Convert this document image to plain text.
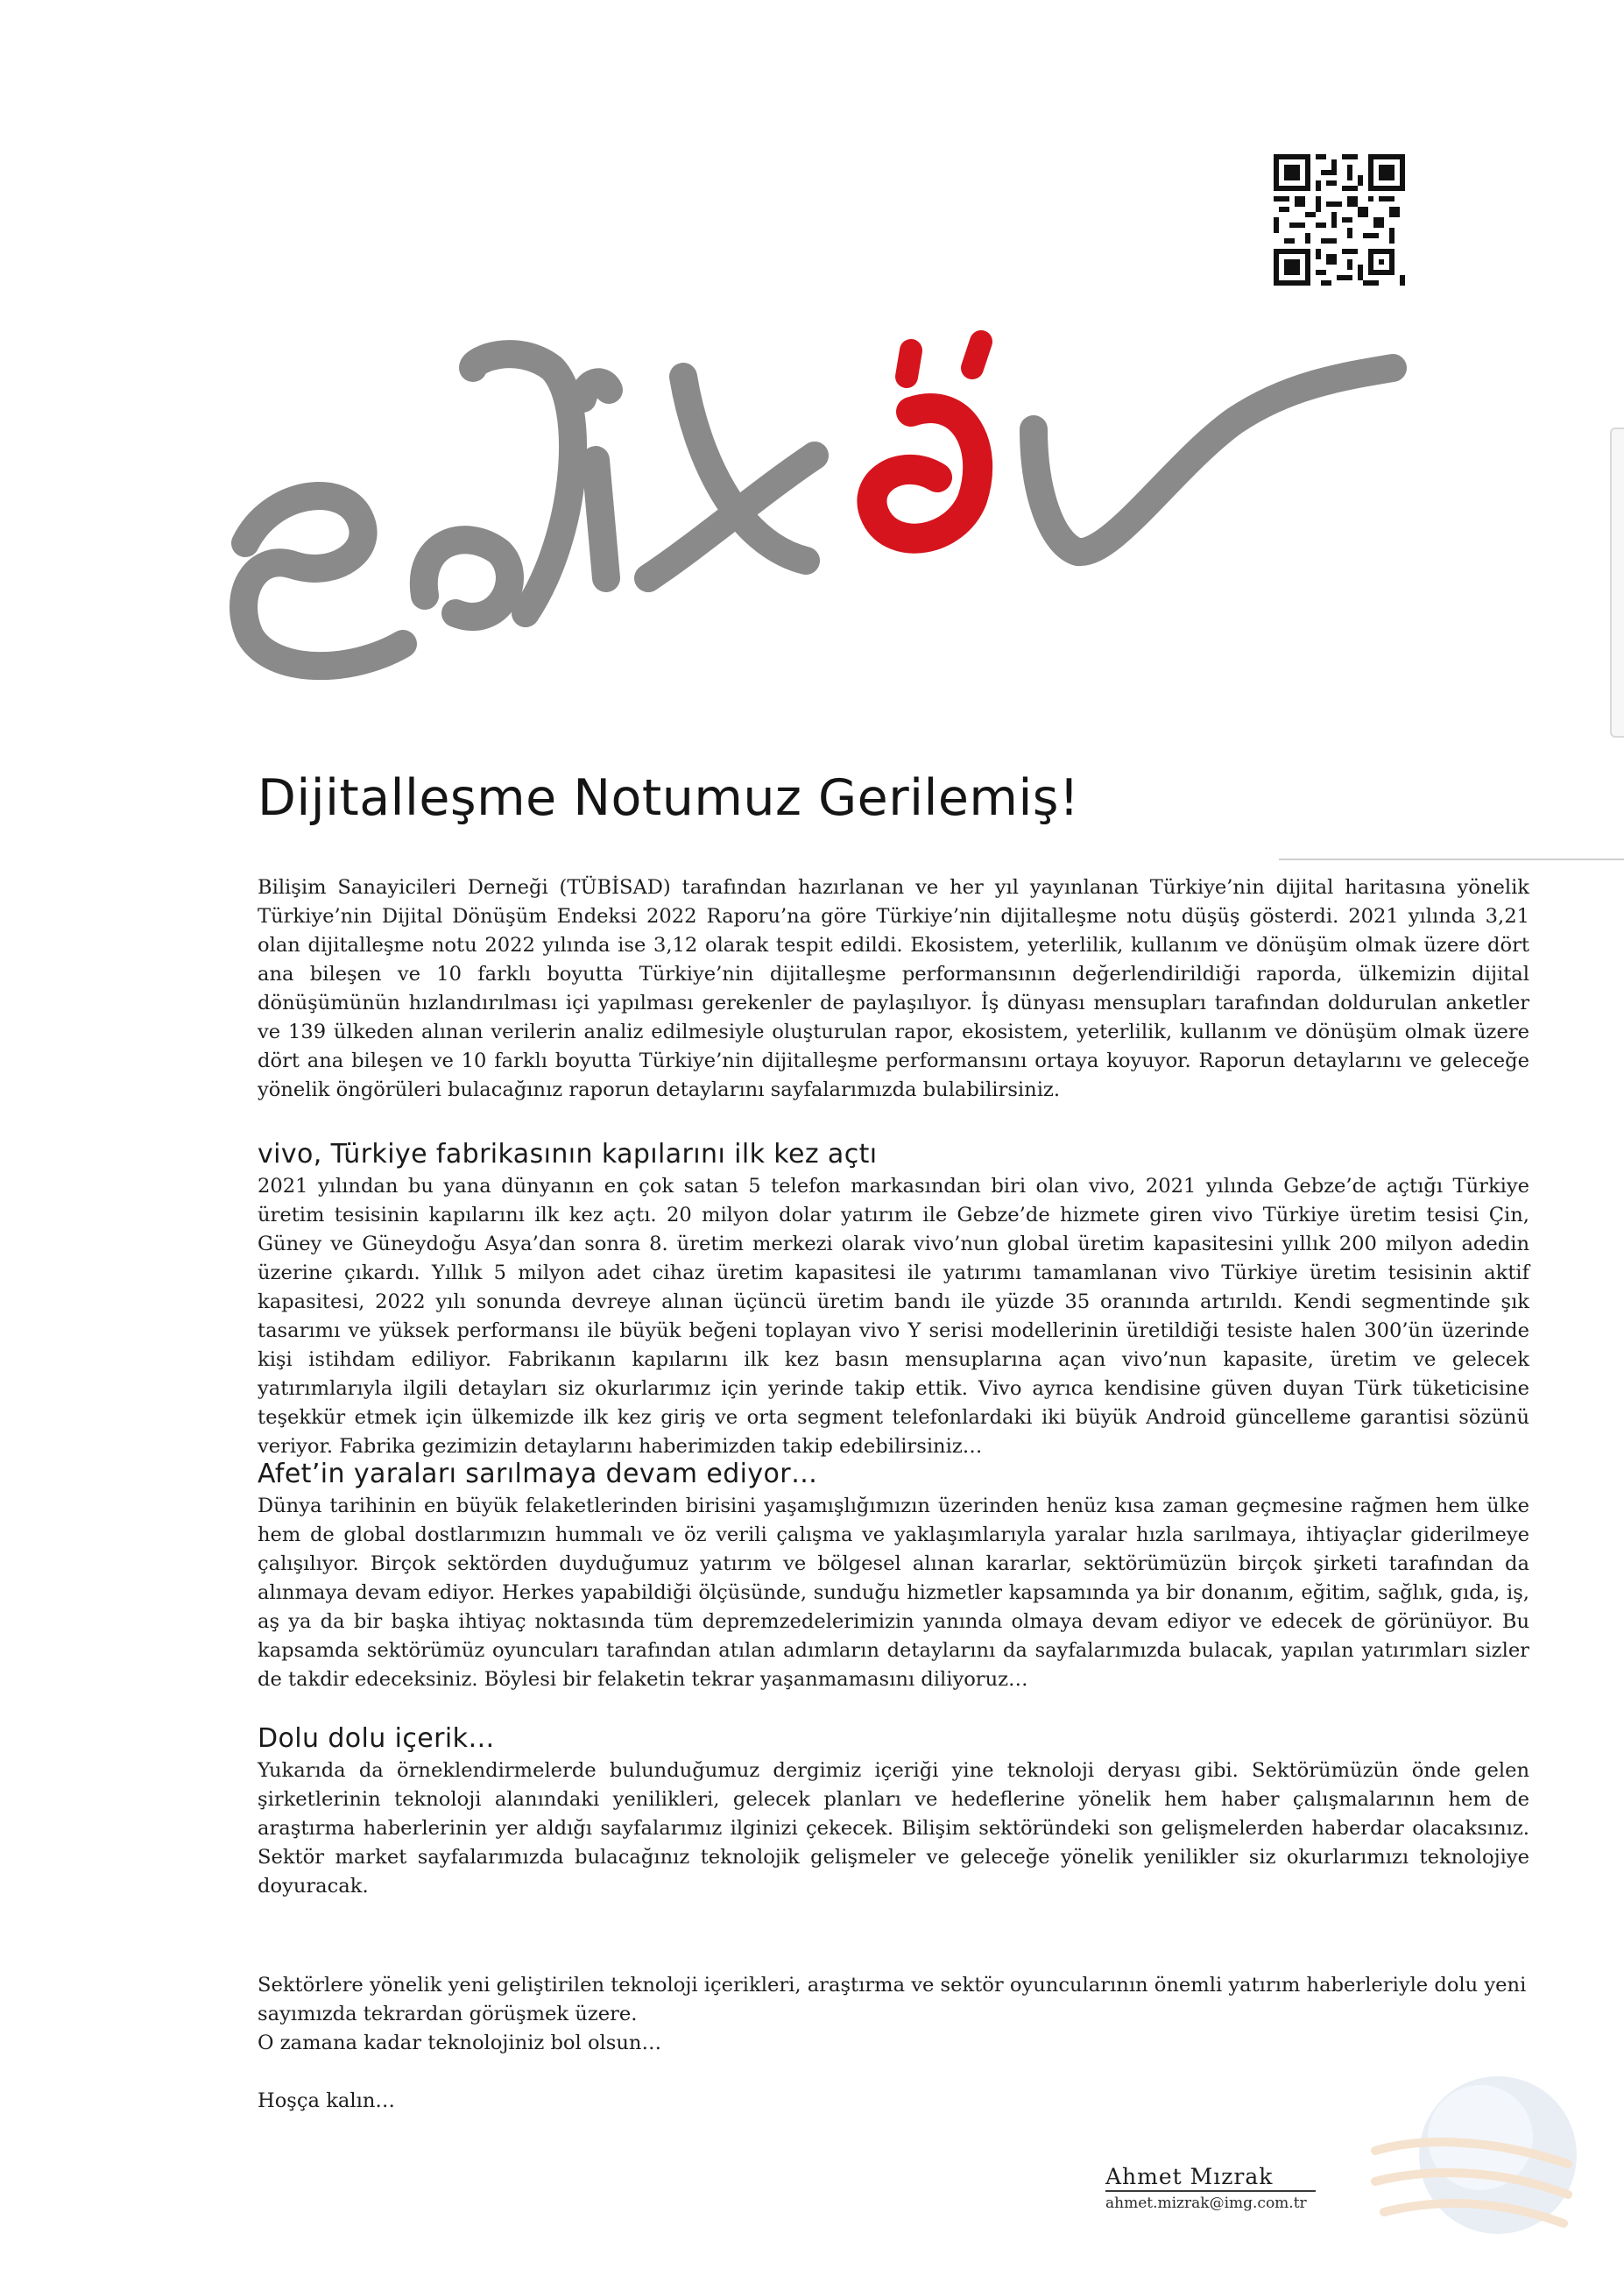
Dijitalleşme Notumuz Gerilemiş!

Bilişim Sanayicileri Derneği (TÜBİSAD) tarafından hazırlanan ve her yıl yayınlanan Türkiye’nin dijital haritasına yönelik Türkiye’nin Dijital Dönüşüm Endeksi 2022 Raporu’na göre Türkiye’nin dijitalleşme notu düşüş gösterdi. 2021 yılında 3,21 olan dijitalleşme notu 2022 yılında ise 3,12 olarak tespit edildi. Ekosistem, yeterlilik, kullanım ve dönüşüm olmak üzere dört ana bileşen ve 10 farklı boyutta Türkiye’nin dijitalleşme performansının değerlendirildiği raporda, ülkemizin dijital dönüşümünün hızlandırılması içi yapılması gerekenler de paylaşılıyor. İş dünyası mensupları tarafından doldurulan anketler ve 139 ülkeden alınan verilerin analiz edilmesiyle oluşturulan rapor, ekosistem, yeterlilik, kullanım ve dönüşüm olmak üzere dört ana bileşen ve 10 farklı boyutta Türkiye’nin dijitalleşme performansını ortaya koyuyor. Raporun detaylarını ve geleceğe yönelik öngörüleri bulacağınız raporun detaylarını sayfalarımızda bulabilirsiniz.

vivo, Türkiye fabrikasının kapılarını ilk kez açtı

2021 yılından bu yana dünyanın en çok satan 5 telefon markasından biri olan vivo, 2021 yılında Gebze’de açtığı Türkiye üretim tesisinin kapılarını ilk kez açtı. 20 milyon dolar yatırım ile Gebze’de hizmete giren vivo Türkiye üretim tesisi Çin, Güney ve Güneydoğu Asya’dan sonra 8. üretim merkezi olarak vivo’nun global üretim kapasitesini yıllık 200 milyon adedin üzerine çıkardı. Yıllık 5 milyon adet cihaz üretim kapasitesi ile yatırımı tamamlanan vivo Türkiye üretim tesisinin aktif kapasitesi, 2022 yılı sonunda devreye alınan üçüncü üretim bandı ile yüzde 35 oranında artırıldı. Kendi segmentinde şık tasarımı ve yüksek performansı ile büyük beğeni toplayan vivo Y serisi modellerinin üretildiği tesiste halen 300’ün üzerinde kişi istihdam ediliyor. Fabrikanın kapılarını ilk kez basın mensuplarına açan vivo’nun kapasite, üretim ve gelecek yatırımlarıyla ilgili detayları siz okurlarımız için yerinde takip ettik. Vivo ayrıca kendisine güven duyan Türk tüketicisine teşekkür etmek için ülkemizde ilk kez giriş ve orta segment telefonlardaki iki büyük Android güncelleme garantisi sözünü veriyor. Fabrika gezimizin detaylarını haberimizden takip edebilirsiniz…

Afet’in yaraları sarılmaya devam ediyor…

Dünya tarihinin en büyük felaketlerinden birisini yaşamışlığımızın üzerinden henüz kısa zaman geçmesine rağmen hem ülke hem de global dostlarımızın hummalı ve öz verili çalışma ve yaklaşımlarıyla yaralar hızla sarılmaya, ihtiyaçlar giderilmeye çalışılıyor. Birçok sektörden duyduğumuz yatırım ve bölgesel alınan kararlar, sektörümüzün birçok şirketi tarafından da alınmaya devam ediyor. Herkes yapabildiği ölçüsünde, sunduğu hizmetler kapsamında ya bir donanım, eğitim, sağlık, gıda, iş, aş ya da bir başka ihtiyaç noktasında tüm depremzedelerimizin yanında olmaya devam ediyor ve edecek de görünüyor. Bu kapsamda sektörümüz oyuncuları tarafından atılan adımların detaylarını da sayfalarımızda bulacak, yapılan yatırımları sizler de takdir edeceksiniz. Böylesi bir felaketin tekrar yaşanmamasını diliyoruz…

Dolu dolu içerik…

Yukarıda da örneklendirmelerde bulunduğumuz dergimiz içeriği yine teknoloji deryası gibi. Sektörümüzün önde gelen şirketlerinin teknoloji alanındaki yenilikleri, gelecek planları ve hedeflerine yönelik hem haber çalışmalarının hem de araştırma haberlerinin yer aldığı sayfalarımız ilginizi çekecek. Bilişim sektöründeki son gelişmelerden haberdar olacaksınız. Sektör market sayfalarımızda bulacağınız teknolojik gelişmeler ve geleceğe yönelik yenilikler siz okurlarımızı teknolojiye doyuracak.

Sektörlere yönelik yeni geliştirilen teknoloji içerikleri, araştırma ve sektör oyuncularının önemli yatırım haberleriyle dolu yeni sayımızda tekrardan görüşmek üzere.

O zamana kadar teknolojiniz bol olsun…

Hoşça kalın…

Ahmet Mızrak
ahmet.mizrak@img.com.tr
